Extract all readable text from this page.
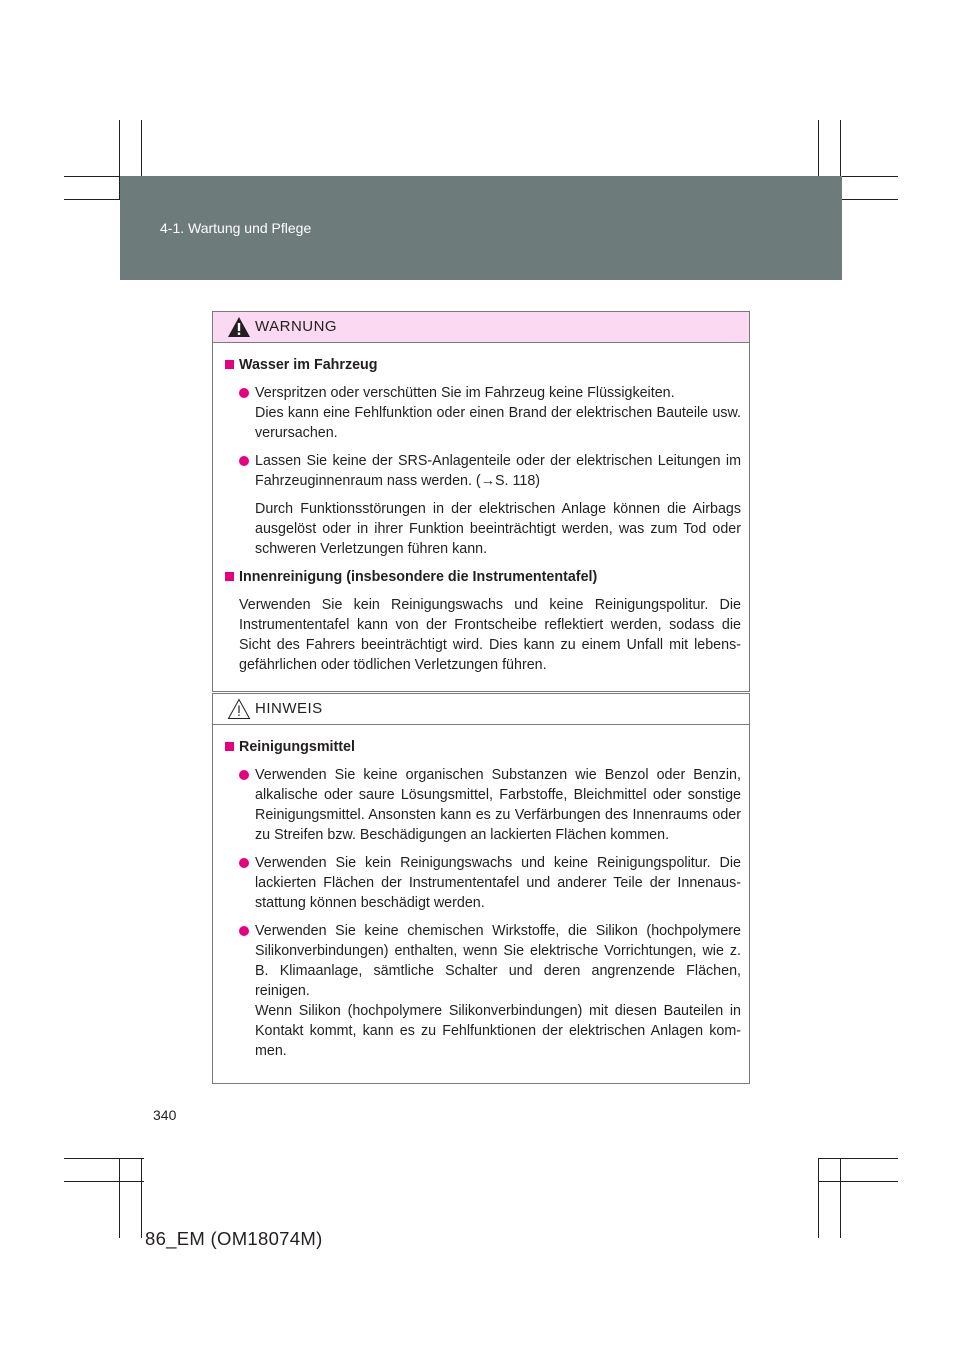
4-1. Wartung und Pflege
WARNUNG
Wasser im Fahrzeug
Verspritzen oder verschütten Sie im Fahrzeug keine Flüssigkeiten.
Dies kann eine Fehlfunktion oder einen Brand der elektrischen Bauteile usw. verursachen.
Lassen Sie keine der SRS-Anlagenteile oder der elektrischen Leitungen im Fahrzeuginnenraum nass werden. (→S. 118)
Durch Funktionsstörungen in der elektrischen Anlage können die Airbags ausgelöst oder in ihrer Funktion beeinträchtigt werden, was zum Tod oder schweren Verletzungen führen kann.
Innenreinigung (insbesondere die Instrumententafel)
Verwenden Sie kein Reinigungswachs und keine Reinigungspolitur. Die Instrumententafel kann von der Frontscheibe reflektiert werden, sodass die Sicht des Fahrers beeinträchtigt wird. Dies kann zu einem Unfall mit lebens-gefährlichen oder tödlichen Verletzungen führen.
HINWEIS
Reinigungsmittel
Verwenden Sie keine organischen Substanzen wie Benzol oder Benzin, alkalische oder saure Lösungsmittel, Farbstoffe, Bleichmittel oder sonstige Reinigungsmittel. Ansonsten kann es zu Verfärbungen des Innenraums oder zu Streifen bzw. Beschädigungen an lackierten Flächen kommen.
Verwenden Sie kein Reinigungswachs und keine Reinigungspolitur. Die lackierten Flächen der Instrumententafel und anderer Teile der Innenaus-stattung können beschädigt werden.
Verwenden Sie keine chemischen Wirkstoffe, die Silikon (hochpolymere Silikonverbindungen) enthalten, wenn Sie elektrische Vorrichtungen, wie z. B. Klimaanlage, sämtliche Schalter und deren angrenzende Flächen, reinigen.
Wenn Silikon (hochpolymere Silikonverbindungen) mit diesen Bauteilen in Kontakt kommt, kann es zu Fehlfunktionen der elektrischen Anlagen kom-men.
340
86_EM (OM18074M)
